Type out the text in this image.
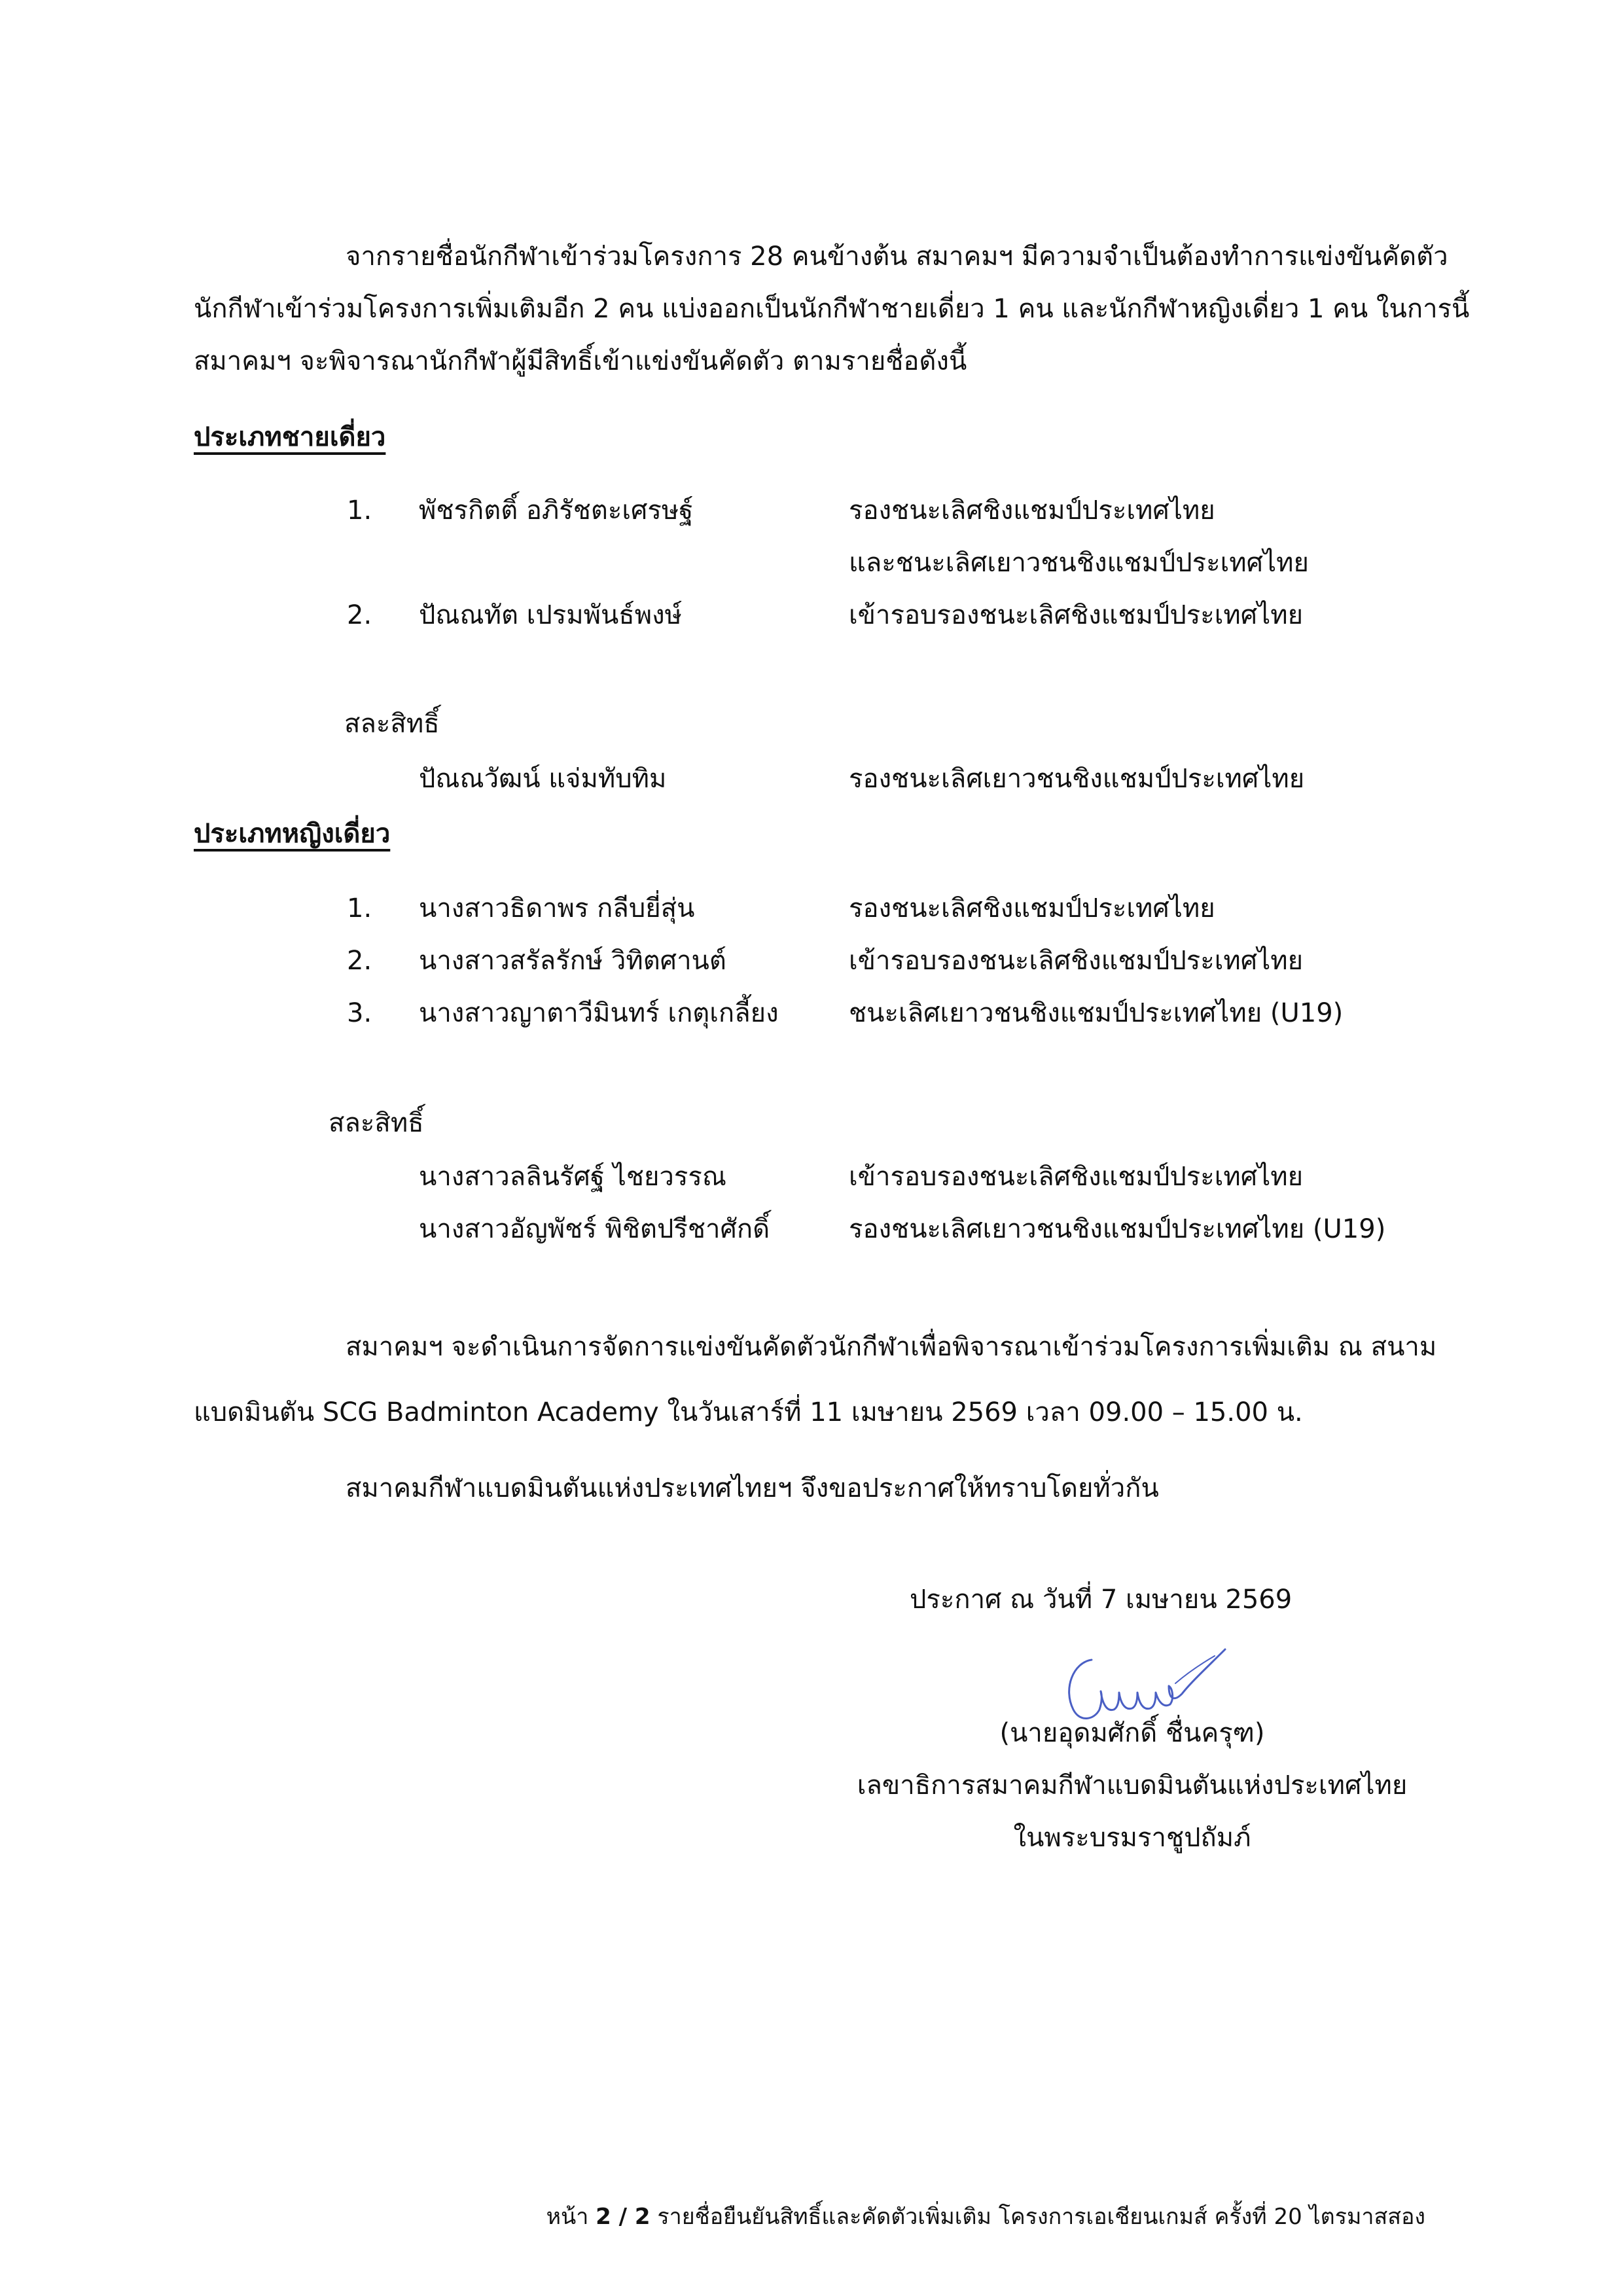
จากรายชื่อนักกีฬาเข้าร่วมโครงการ 28 คนข้างต้น สมาคมฯ มีความจำเป็นต้องทำการแข่งขันคัดตัว
นักกีฬาเข้าร่วมโครงการเพิ่มเติมอีก 2 คน แบ่งออกเป็นนักกีฬาชายเดี่ยว 1 คน และนักกีฬาหญิงเดี่ยว 1 คน ในการนี้
สมาคมฯ จะพิจารณานักกีฬาผู้มีสิทธิ์เข้าแข่งขันคัดตัว ตามรายชื่อดังนี้
ประเภทชายเดี่ยว
1. พัชรกิตติ์ อภิรัชตะเศรษฐ์	รองชนะเลิศชิงแชมป์ประเทศไทย
และชนะเลิศเยาวชนชิงแชมป์ประเทศไทย
2. ปัณณทัต เปรมพันธ์พงษ์	เข้ารอบรองชนะเลิศชิงแชมป์ประเทศไทย
สละสิทธิ์
ปัณณวัฒน์ แจ่มทับทิม	รองชนะเลิศเยาวชนชิงแชมป์ประเทศไทย
ประเภทหญิงเดี่ยว
1. นางสาวธิดาพร กลีบยี่สุ่น	รองชนะเลิศชิงแชมป์ประเทศไทย
2. นางสาวสรัลรักษ์ วิทิตศานต์	เข้ารอบรองชนะเลิศชิงแชมป์ประเทศไทย
3. นางสาวญาตาวีมินทร์ เกตุเกลี้ยง	ชนะเลิศเยาวชนชิงแชมป์ประเทศไทย (U19)
สละสิทธิ์
นางสาวลลินรัศฐ์ ไชยวรรณ	เข้ารอบรองชนะเลิศชิงแชมป์ประเทศไทย
นางสาวอัญพัชร์ พิชิตปรีชาศักดิ์	รองชนะเลิศเยาวชนชิงแชมป์ประเทศไทย (U19)
สมาคมฯ จะดำเนินการจัดการแข่งขันคัดตัวนักกีฬาเพื่อพิจารณาเข้าร่วมโครงการเพิ่มเติม ณ สนาม
แบดมินตัน SCG Badminton Academy ในวันเสาร์ที่ 11 เมษายน 2569 เวลา 09.00 – 15.00 น.
สมาคมกีฬาแบดมินตันแห่งประเทศไทยฯ จึงขอประกาศให้ทราบโดยทั่วกัน
ประกาศ ณ วันที่ 7 เมษายน 2569
(นายอุดมศักดิ์ ชื่นครุฑ)
เลขาธิการสมาคมกีฬาแบดมินตันแห่งประเทศไทย
ในพระบรมราชูปถัมภ์
หน้า 2 / 2 รายชื่อยืนยันสิทธิ์และคัดตัวเพิ่มเติม โครงการเอเชียนเกมส์ ครั้งที่ 20 ไตรมาสสอง
